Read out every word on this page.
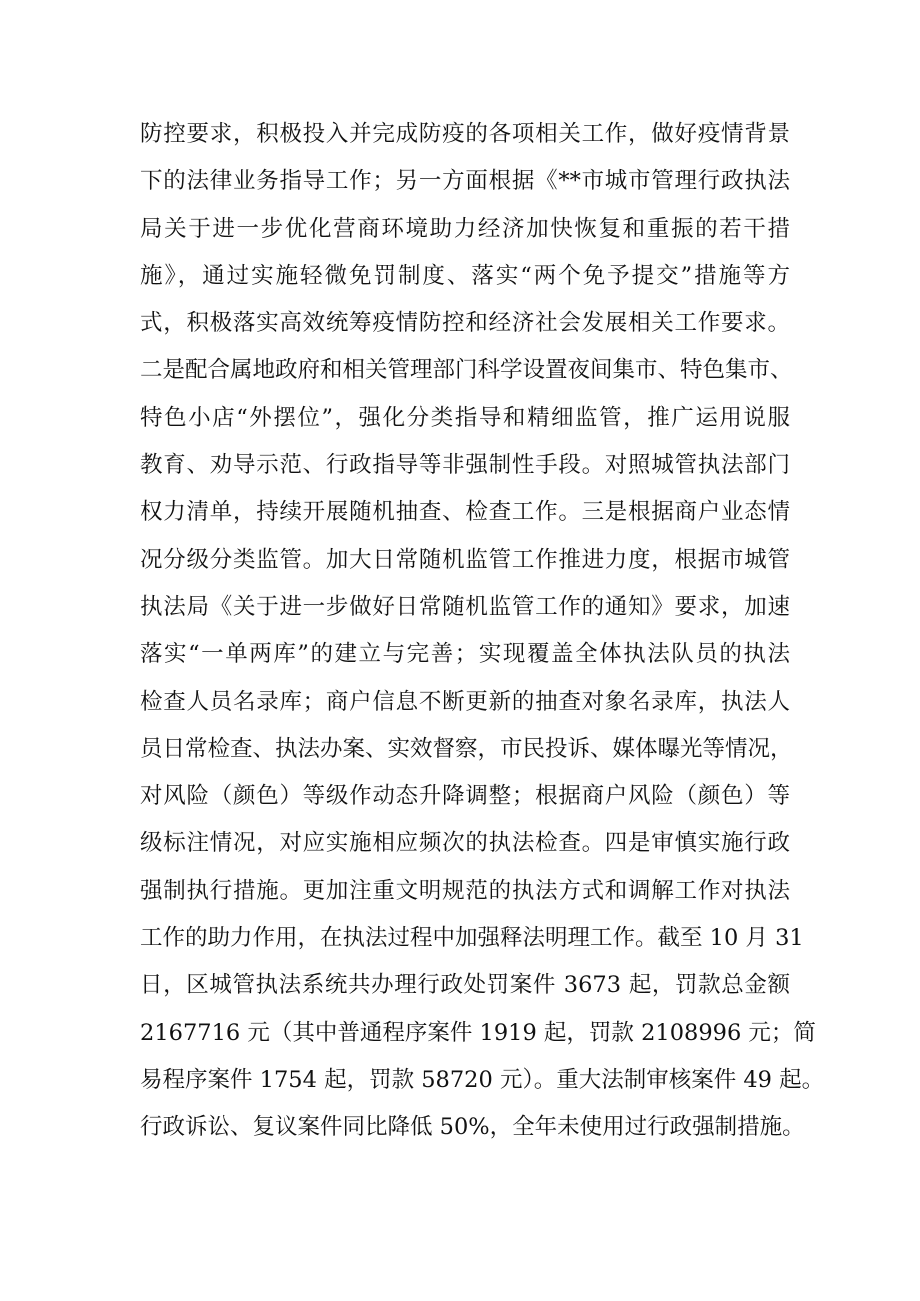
防控要求，积极投入并完成防疫的各项相关工作，做好疫情背景
下的法律业务指导工作；另一方面根据《**市城市管理行政执法
局关于进一步优化营商环境助力经济加快恢复和重振的若干措
施》，通过实施轻微免罚制度、落实“两个免予提交”措施等方
式，积极落实高效统筹疫情防控和经济社会发展相关工作要求。
二是配合属地政府和相关管理部门科学设置夜间集市、特色集市、
特色小店“外摆位”，强化分类指导和精细监管，推广运用说服
教育、劝导示范、行政指导等非强制性手段。对照城管执法部门
权力清单，持续开展随机抽查、检查工作。三是根据商户业态情
况分级分类监管。加大日常随机监管工作推进力度，根据市城管
执法局《关于进一步做好日常随机监管工作的通知》要求，加速
落实“一单两库”的建立与完善；实现覆盖全体执法队员的执法
检查人员名录库；商户信息不断更新的抽查对象名录库，执法人
员日常检查、执法办案、实效督察，市民投诉、媒体曝光等情况，
对风险（颜色）等级作动态升降调整；根据商户风险（颜色）等
级标注情况，对应实施相应频次的执法检查。四是审慎实施行政
强制执行措施。更加注重文明规范的执法方式和调解工作对执法
工作的助力作用，在执法过程中加强释法明理工作。截至 10 月 31
日，区城管执法系统共办理行政处罚案件 3673 起，罚款总金额
2167716 元（其中普通程序案件 1919 起，罚款 2108996 元；简
易程序案件 1754 起，罚款 58720 元）。重大法制审核案件 49 起。
行政诉讼、复议案件同比降低 50%，全年未使用过行政强制措施。
